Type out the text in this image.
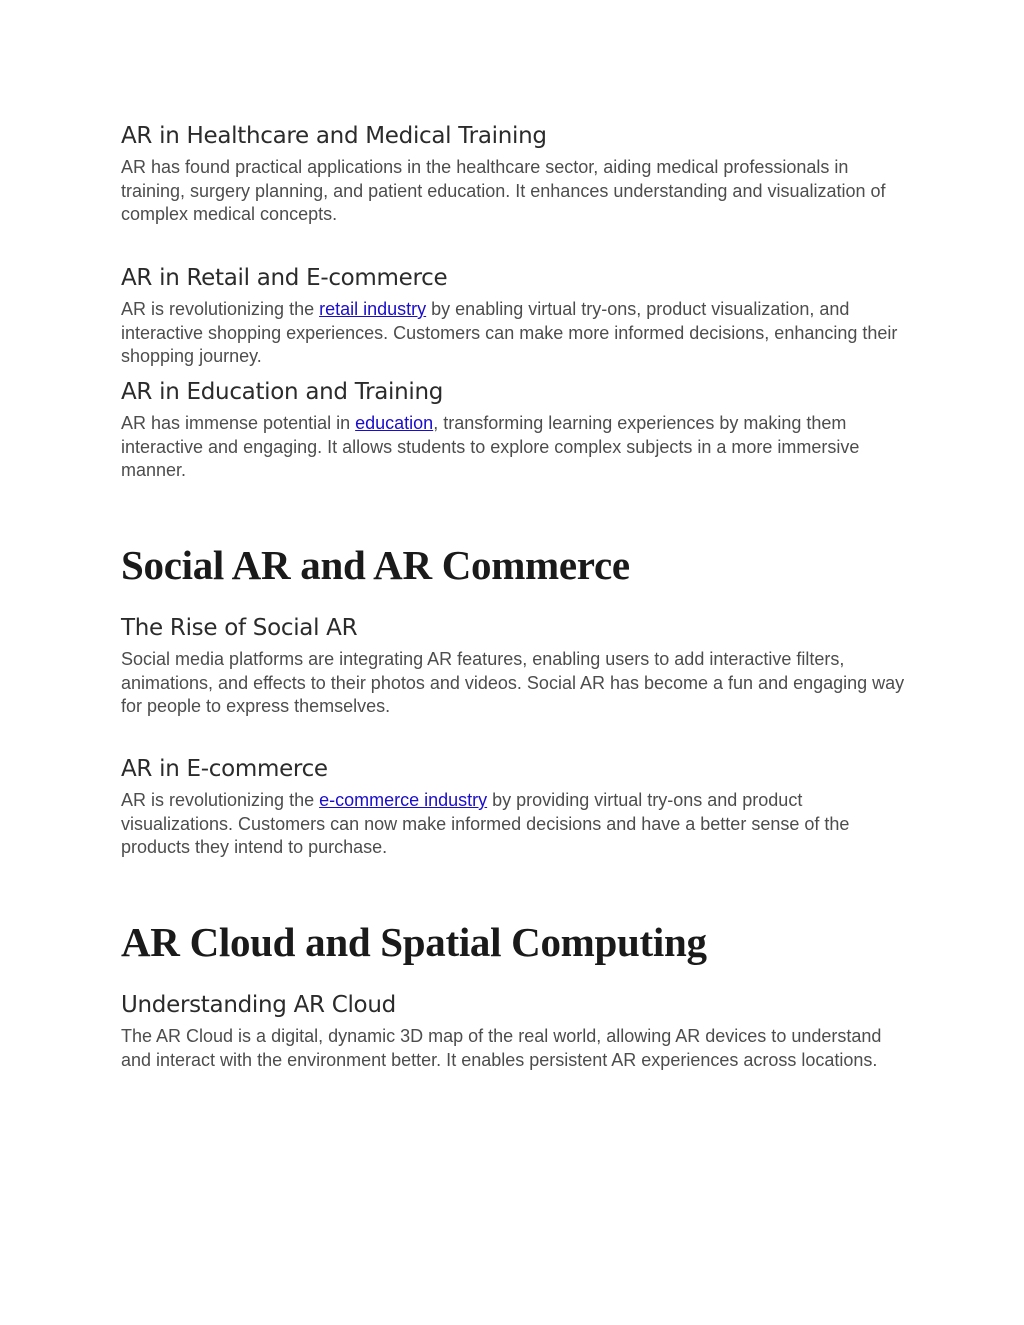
AR in Healthcare and Medical Training

AR has found practical applications in the healthcare sector, aiding medical professionals in training, surgery planning, and patient education. It enhances understanding and visualization of complex medical concepts.

AR in Retail and E-commerce

AR is revolutionizing the retail industry by enabling virtual try-ons, product visualization, and interactive shopping experiences. Customers can make more informed decisions, enhancing their shopping journey.

AR in Education and Training

AR has immense potential in education, transforming learning experiences by making them interactive and engaging. It allows students to explore complex subjects in a more immersive manner.

Social AR and AR Commerce
The Rise of Social AR

Social media platforms are integrating AR features, enabling users to add interactive filters, animations, and effects to their photos and videos. Social AR has become a fun and engaging way for people to express themselves.

AR in E-commerce

AR is revolutionizing the e-commerce industry by providing virtual try-ons and product visualizations. Customers can now make informed decisions and have a better sense of the products they intend to purchase.

AR Cloud and Spatial Computing
Understanding AR Cloud

The AR Cloud is a digital, dynamic 3D map of the real world, allowing AR devices to understand and interact with the environment better. It enables persistent AR experiences across locations.
